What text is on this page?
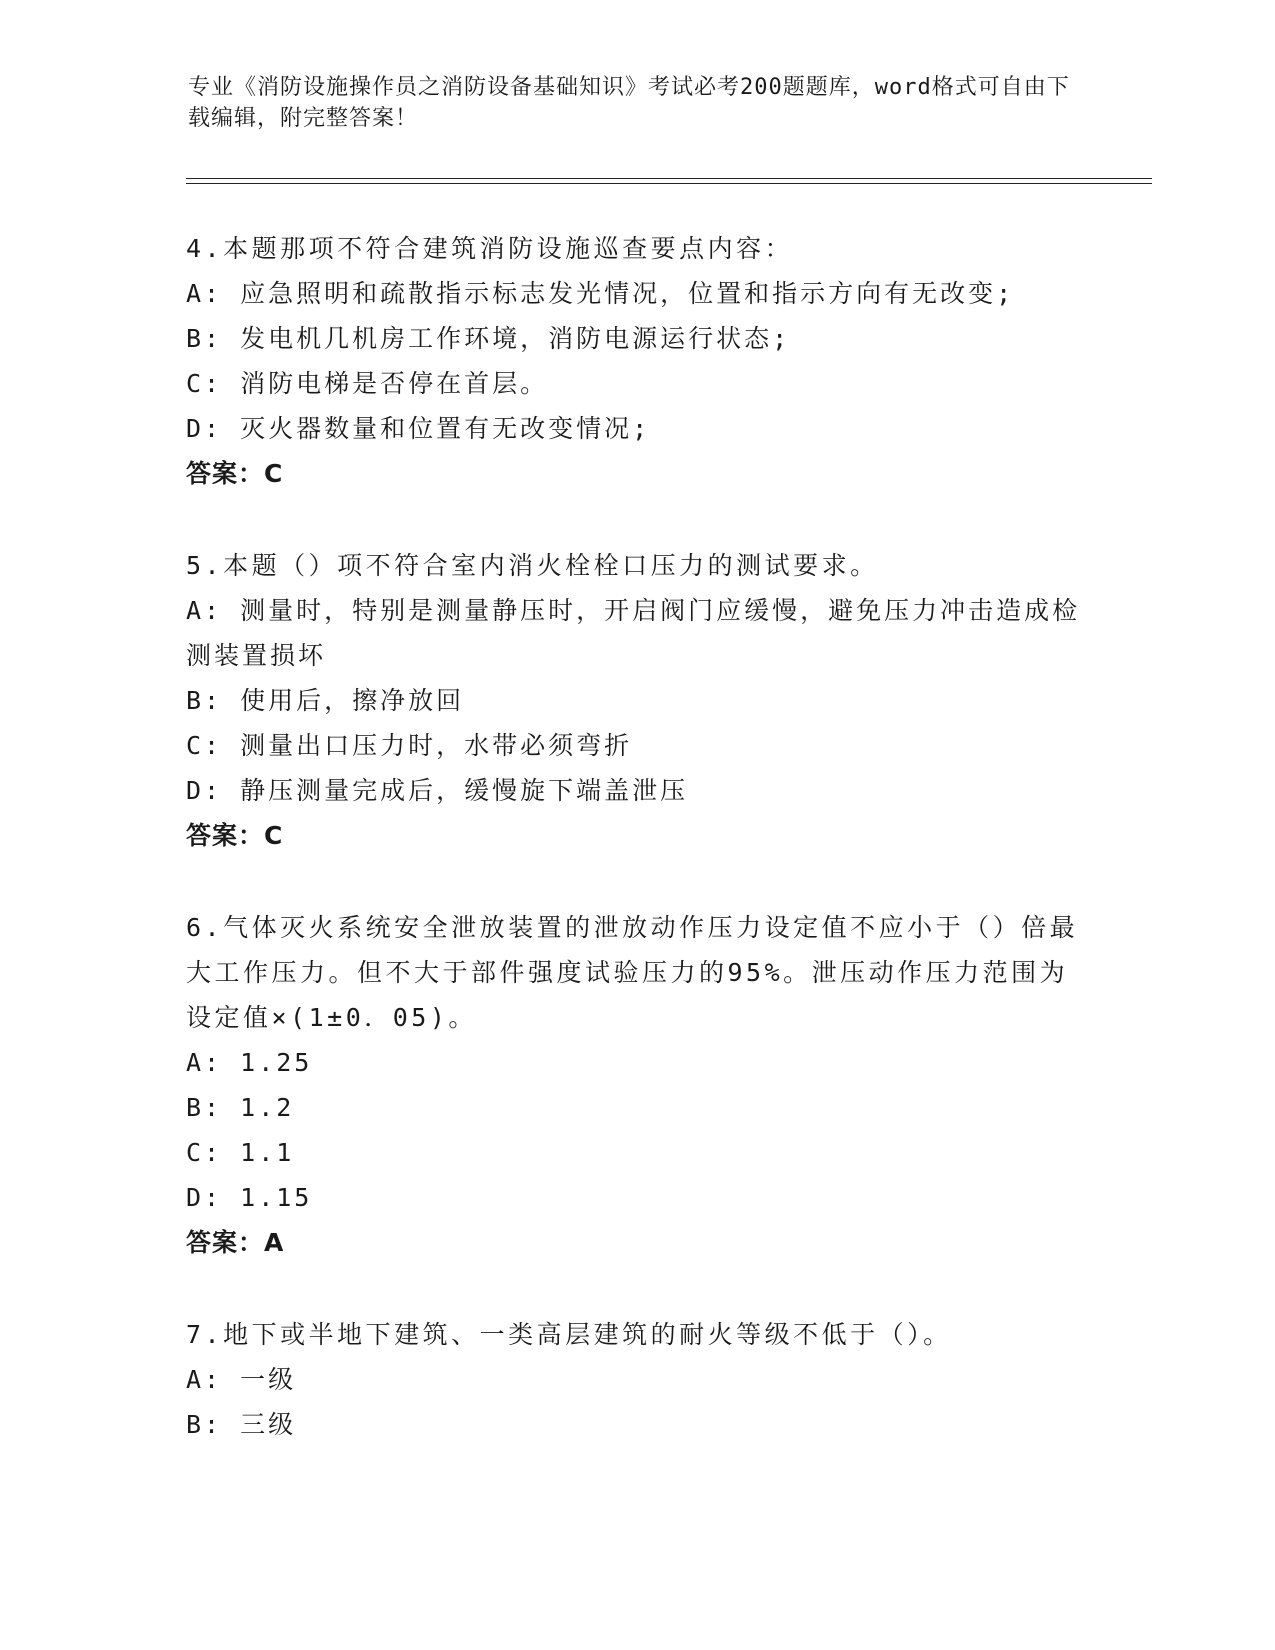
专业《消防设施操作员之消防设备基础知识》考试必考200题题库，word格式可自由下载编辑，附完整答案！
4.本题那项不符合建筑消防设施巡查要点内容：
A: 应急照明和疏散指示标志发光情况，位置和指示方向有无改变;
B: 发电机几机房工作环境，消防电源运行状态;
C: 消防电梯是否停在首层。
D: 灭火器数量和位置有无改变情况;
答案：C
5.本题（）项不符合室内消火栓栓口压力的测试要求。
A: 测量时，特别是测量静压时，开启阀门应缓慢，避免压力冲击造成检测装置损坏
B: 使用后，擦净放回
C: 测量出口压力时，水带必须弯折
D: 静压测量完成后，缓慢旋下端盖泄压
答案：C
6.气体灭火系统安全泄放装置的泄放动作压力设定值不应小于（）倍最大工作压力。但不大于部件强度试验压力的95%。泄压动作压力范围为设定值×(1±0．05)。
A: 1.25
B: 1.2
C: 1.1
D: 1.15
答案：A
7.地下或半地下建筑、一类高层建筑的耐火等级不低于（）。
A: 一级
B: 三级
